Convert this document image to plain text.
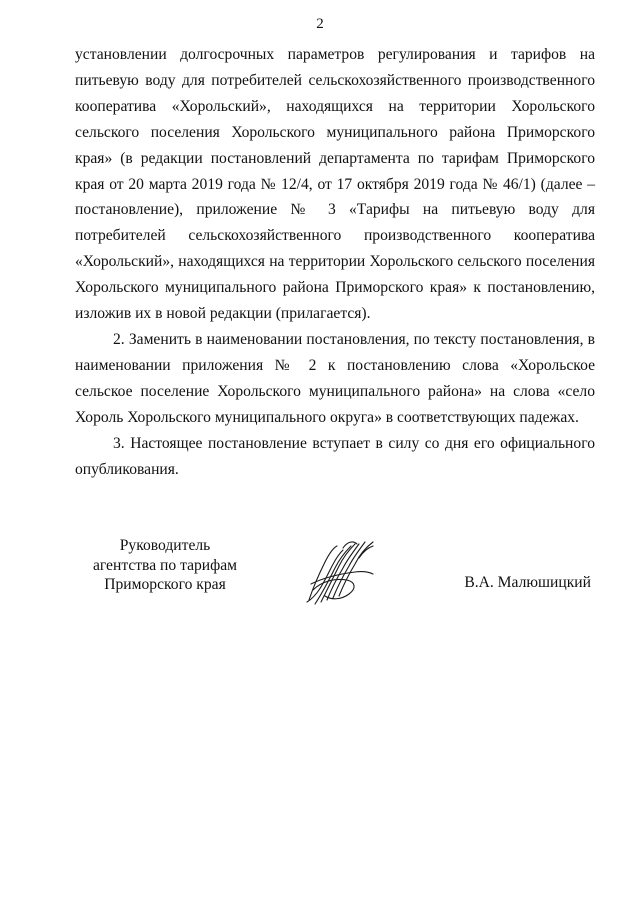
2

установлении долгосрочных параметров регулирования и тарифов на питьевую воду для потребителей сельскохозяйственного производственного кооператива «Хорольский», находящихся на территории Хорольского сельского поселения Хорольского муниципального района Приморского края» (в редакции постановлений департамента по тарифам Приморского края от 20 марта 2019 года № 12/4, от 17 октября 2019 года № 46/1) (далее – постановление), приложение № 3 «Тарифы на питьевую воду для потребителей сельскохозяйственного производственного кооператива «Хорольский», находящихся на территории Хорольского сельского поселения Хорольского муниципального района Приморского края» к постановлению, изложив их в новой редакции (прилагается).

2. Заменить в наименовании постановления, по тексту постановления, в наименовании приложения № 2 к постановлению слова «Хорольское сельское поселение Хорольского муниципального района» на слова «село Хороль Хорольского муниципального округа» в соответствующих падежах.

3. Настоящее постановление вступает в силу со дня его официального опубликования.

Руководитель
агентства по тарифам
Приморского края	В.А. Малюшицкий
